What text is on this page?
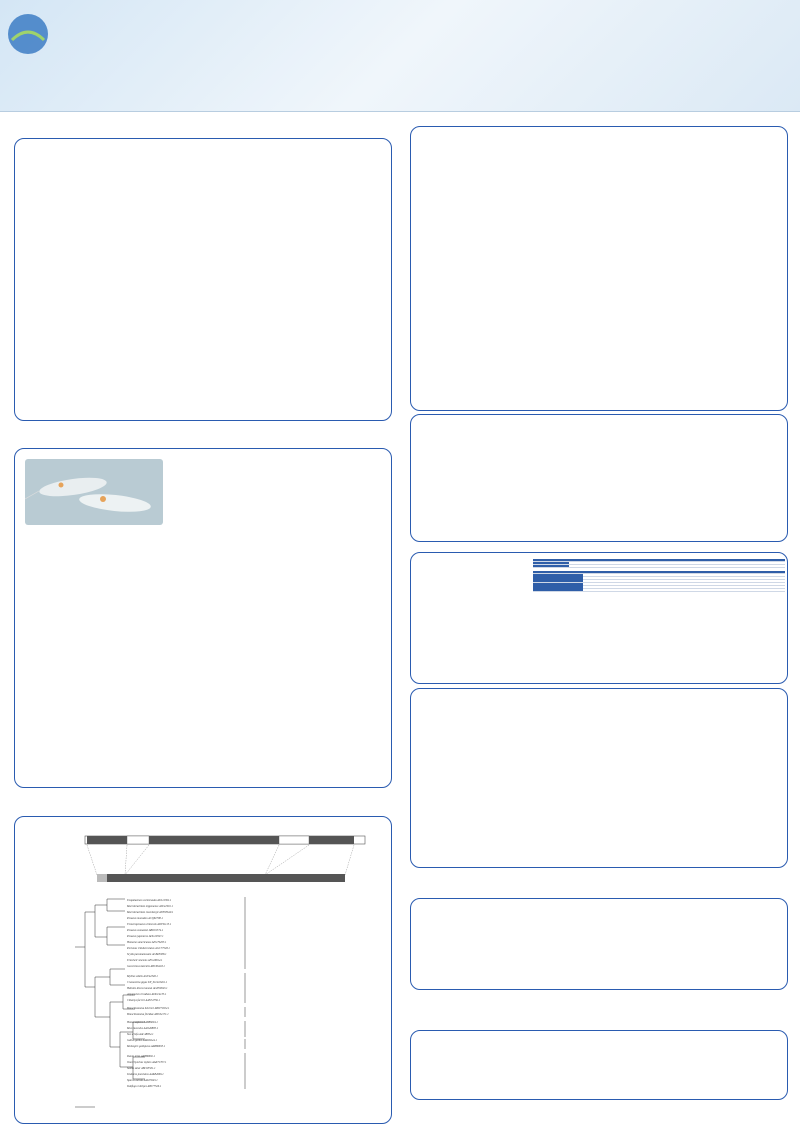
Exopalaemon carinicauda AEL12302.1
Macrobrachium nipponense AIU41991.1
Macrobrachium rosenbergii AFP93640.1
Penaeus monodon ACQ82798.1
Fenneropenaeus chinensis ADT91115.1
Penaeus vannamei ABD91574.1
Penaeus japonicus ADG29347.1
Homarus americanus AEG79203.1
Portunus trituberculatus AGC77528.1
Scylla paramamosain AGB23008.1
Eriocheir sinensis AFG26814.1
Gecarcinus lateralis ABC66418.1
Mytilus edulis AGY42348.1
Crassostrea gigas XP_011416461.1
Haliotis discus hannai AGN90043.1
Argopecten irradians ADD14135.1
Chlamys farreri AAN74756.1
Branchiostoma belcheri ABW71652.1
Branchiostoma floridae ABC62171.1
Homo sapiens AAB86694.1
Mus musculus AAO46885.1
Sus scrofa AAC48854.1
Gallus gallus AAR18244.1
Meleagris gallopavo AAB86693.1
Danio rerio AAB86692.1
Oncorhynchus mykiss AAK71707.1
Salmo salar ABC63501.1
Ictalurus punctatus AAK84666.1
Sparus aurata AAL05943.1
Takifugu rubripes ABJ77526.1
